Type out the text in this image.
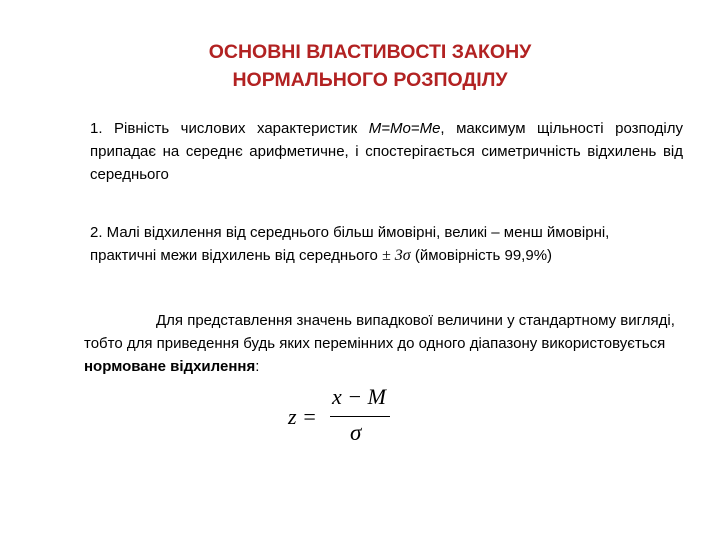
ОСНОВНІ ВЛАСТИВОСТІ ЗАКОНУ
НОРМАЛЬНОГО РОЗПОДІЛУ

1. Рівність числових характеристик М=Мо=Ме, максимум щільності розподілу припадає на середнє арифметичне, і спостерігається симетричність відхилень від середнього

2. Малі відхилення від середнього більш ймовірні, великі – менш ймовірні, практичні межи відхилень від середнього ± 3σ (ймовірність 99,9%)

Для представлення значень випадкової величини у стандартному вигляді, тобто для приведення будь яких перемінних до одного діапазону використовується нормоване відхилення:

z =
x − M
σ
